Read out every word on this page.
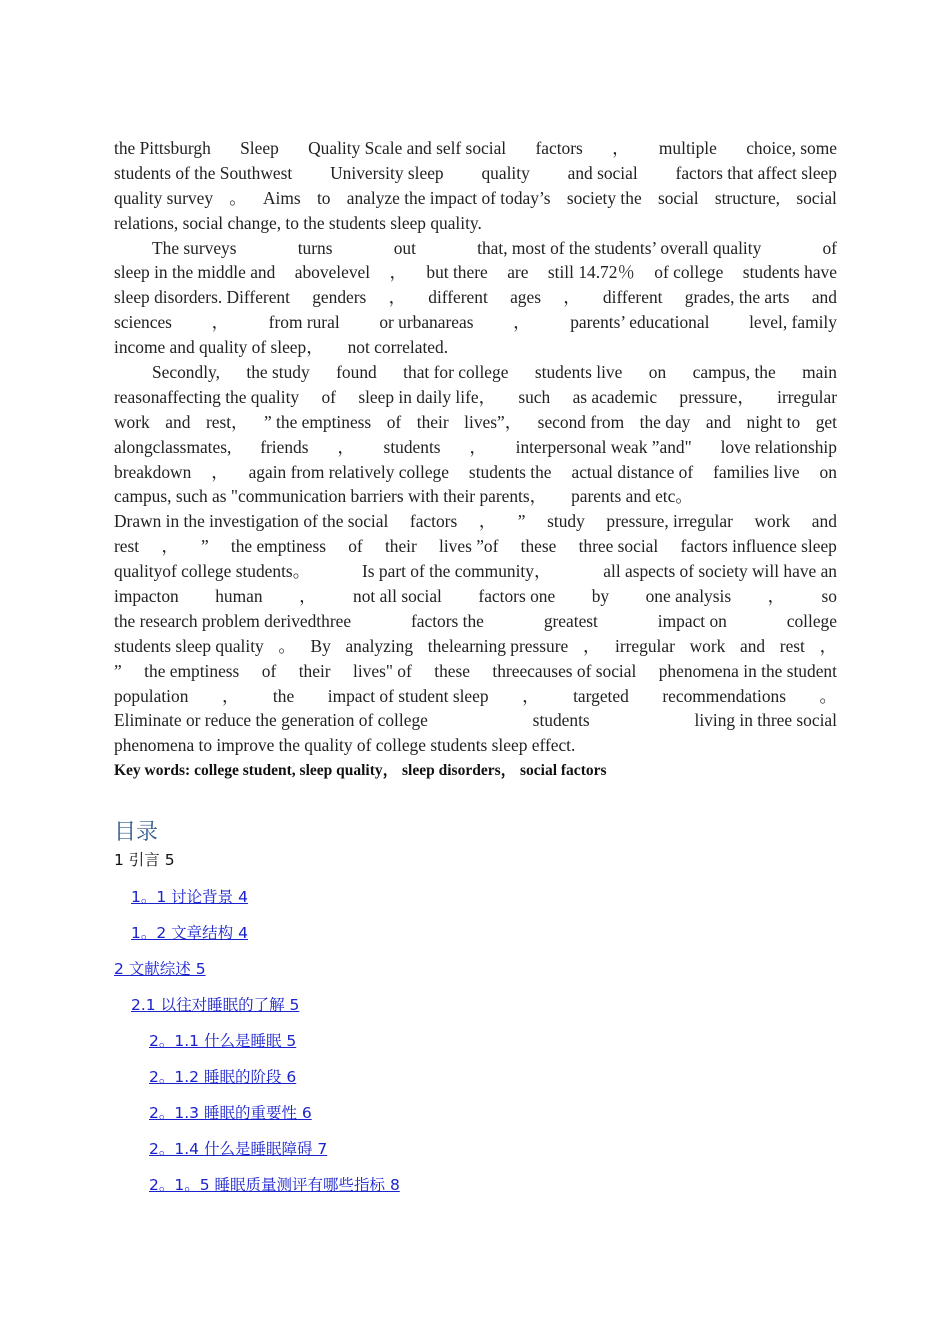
the Pittsburgh Sleep Quality Scale and self social factors ， multiple choice, some
students of the Southwest University sleep quality and social factors that affect sleep
quality survey 。 Aims to analyze the impact of today’s society the social structure, social
relations, social change, to the students sleep quality.
The surveys	turns	out	that, most of the students’ overall quality	of
sleep in the middle and abovelevel ， but there are still 14.72％ of college students have
sleep disorders. Different genders ， different ages ， different grades, the arts and
sciences ， from rural or urbanareas ， parents’ educational level, family
income and quality of sleep， not correlated.
Secondly, the study found that for college students live on campus, the main
reasonaffecting the quality of sleep in daily life， such as academic pressure， irregular
work and rest， ” the emptiness of their lives”， second from the day and night to get
alongclassmates, friends ， students ， interpersonal weak ”and" love relationship
breakdown ， again from relatively college students the actual distance of families live on
campus, such as "communication barriers with their parents， parents and etc。
Drawn in the investigation of the social factors ， ” study pressure, irregular work and
rest ， ” the emptiness of their lives ”of these three social factors influence sleep
qualityof college students。	Is part of the community，	all aspects of society will have an
impacton human ， not all social factors one by one analysis ， so
the research problem derivedthree	factors the	greatest	impact on	college
students sleep quality 。 By analyzing thelearning pressure ， irregular work and rest ，
” the emptiness of their lives" of these threecauses of social phenomena in the student
population ， the impact of student sleep ， targeted recommendations 。
Eliminate or reduce the generation of college	students	living in three social
phenomena to improve the quality of college students sleep effect.
Key words: college student, sleep quality， sleep disorders， social factors
目录
1 引言 5
1。1 讨论背景 4
1。2 文章结构 4
2 文献综述 5
2.1 以往对睡眠的了解 5
2。1.1 什么是睡眠 5
2。1.2 睡眠的阶段 6
2。1.3 睡眠的重要性 6
2。1.4 什么是睡眠障碍 7
2。1。5 睡眠质量测评有哪些指标 8
